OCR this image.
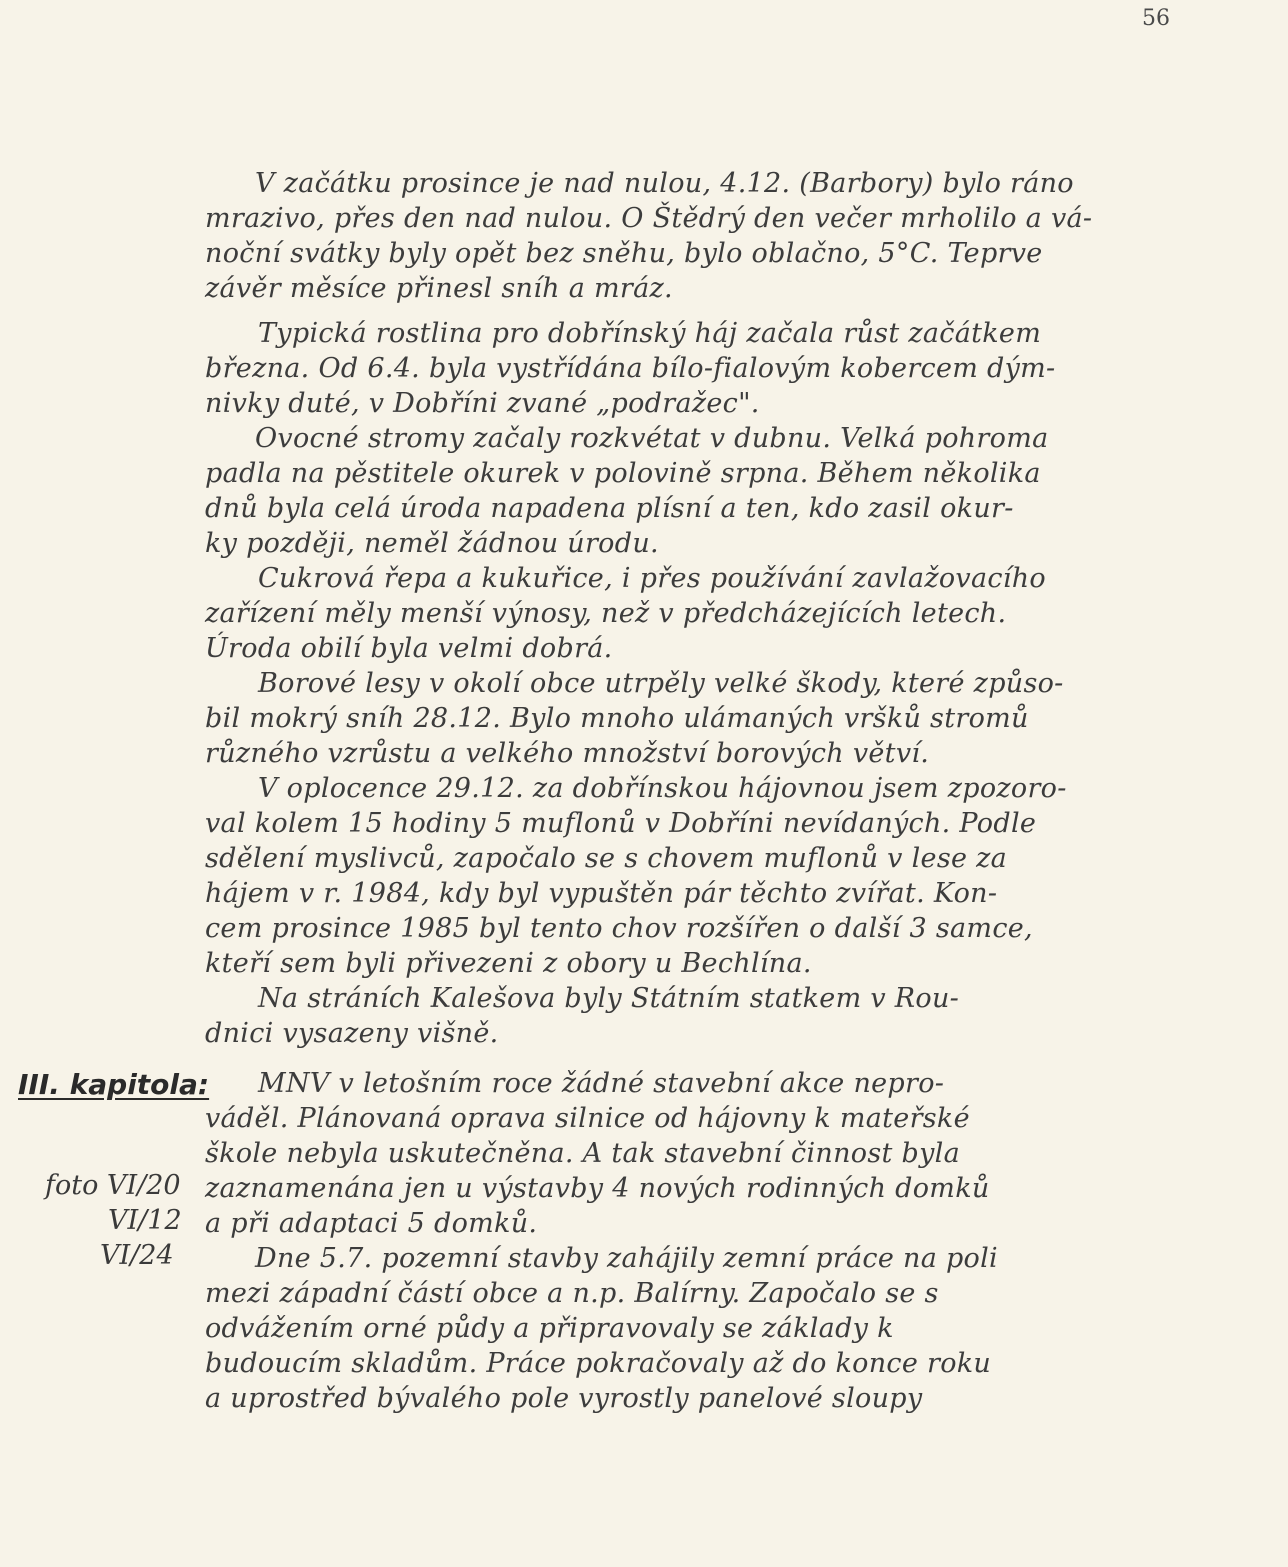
56
V začátku prosince je nad nulou, 4.12. (Barbory) bylo ráno
mrazivo, přes den nad nulou. O Štědrý den večer mrholilo a vá-
noční svátky byly opět bez sněhu, bylo oblačno, 5°C. Teprve
závěr měsíce přinesl sníh a mráz.
Typická rostlina pro dobřínský háj začala růst začátkem
března. Od 6.4. byla vystřídána bílo-fialovým kobercem dým-
nivky duté, v Dobříni zvané „podražec".
Ovocné stromy začaly rozkvétat v dubnu. Velká pohroma
padla na pěstitele okurek v polovině srpna. Během několika
dnů byla celá úroda napadena plísní a ten, kdo zasil okur-
ky později, neměl žádnou úrodu.
Cukrová řepa a kukuřice, i přes používání zavlažovacího
zařízení měly menší výnosy, než v předcházejících letech.
Úroda obilí byla velmi dobrá.
Borové lesy v okolí obce utrpěly velké škody, které způso-
bil mokrý sníh 28.12. Bylo mnoho ulámaných vršků stromů
různého vzrůstu a velkého množství borových větví.
V oplocence 29.12. za dobřínskou hájovnou jsem zpozoro-
val kolem 15 hodiny 5 muflonů v Dobříni nevídaných. Podle
sdělení myslivců, započalo se s chovem muflonů v lese za
hájem v r. 1984, kdy byl vypuštěn pár těchto zvířat. Kon-
cem prosince 1985 byl tento chov rozšířen o další 3 samce,
kteří sem byli přivezeni z obory u Bechlína.
Na stráních Kalešova byly Státním statkem v Rou-
dnici vysazeny višně.
III. kapitola:
foto VI/20
VI/12
VI/24
MNV v letošním roce žádné stavební akce nepro-
váděl. Plánovaná oprava silnice od hájovny k mateřské
škole nebyla uskutečněna. A tak stavební činnost byla
zaznamenána jen u výstavby 4 nových rodinných domků
a při adaptaci 5 domků.
Dne 5.7. pozemní stavby zahájily zemní práce na poli
mezi západní částí obce a n.p. Balírny. Započalo se s
odvážením orné půdy a připravovaly se základy k
budoucím skladům. Práce pokračovaly až do konce roku
a uprostřed bývalého pole vyrostly panelové sloupy
